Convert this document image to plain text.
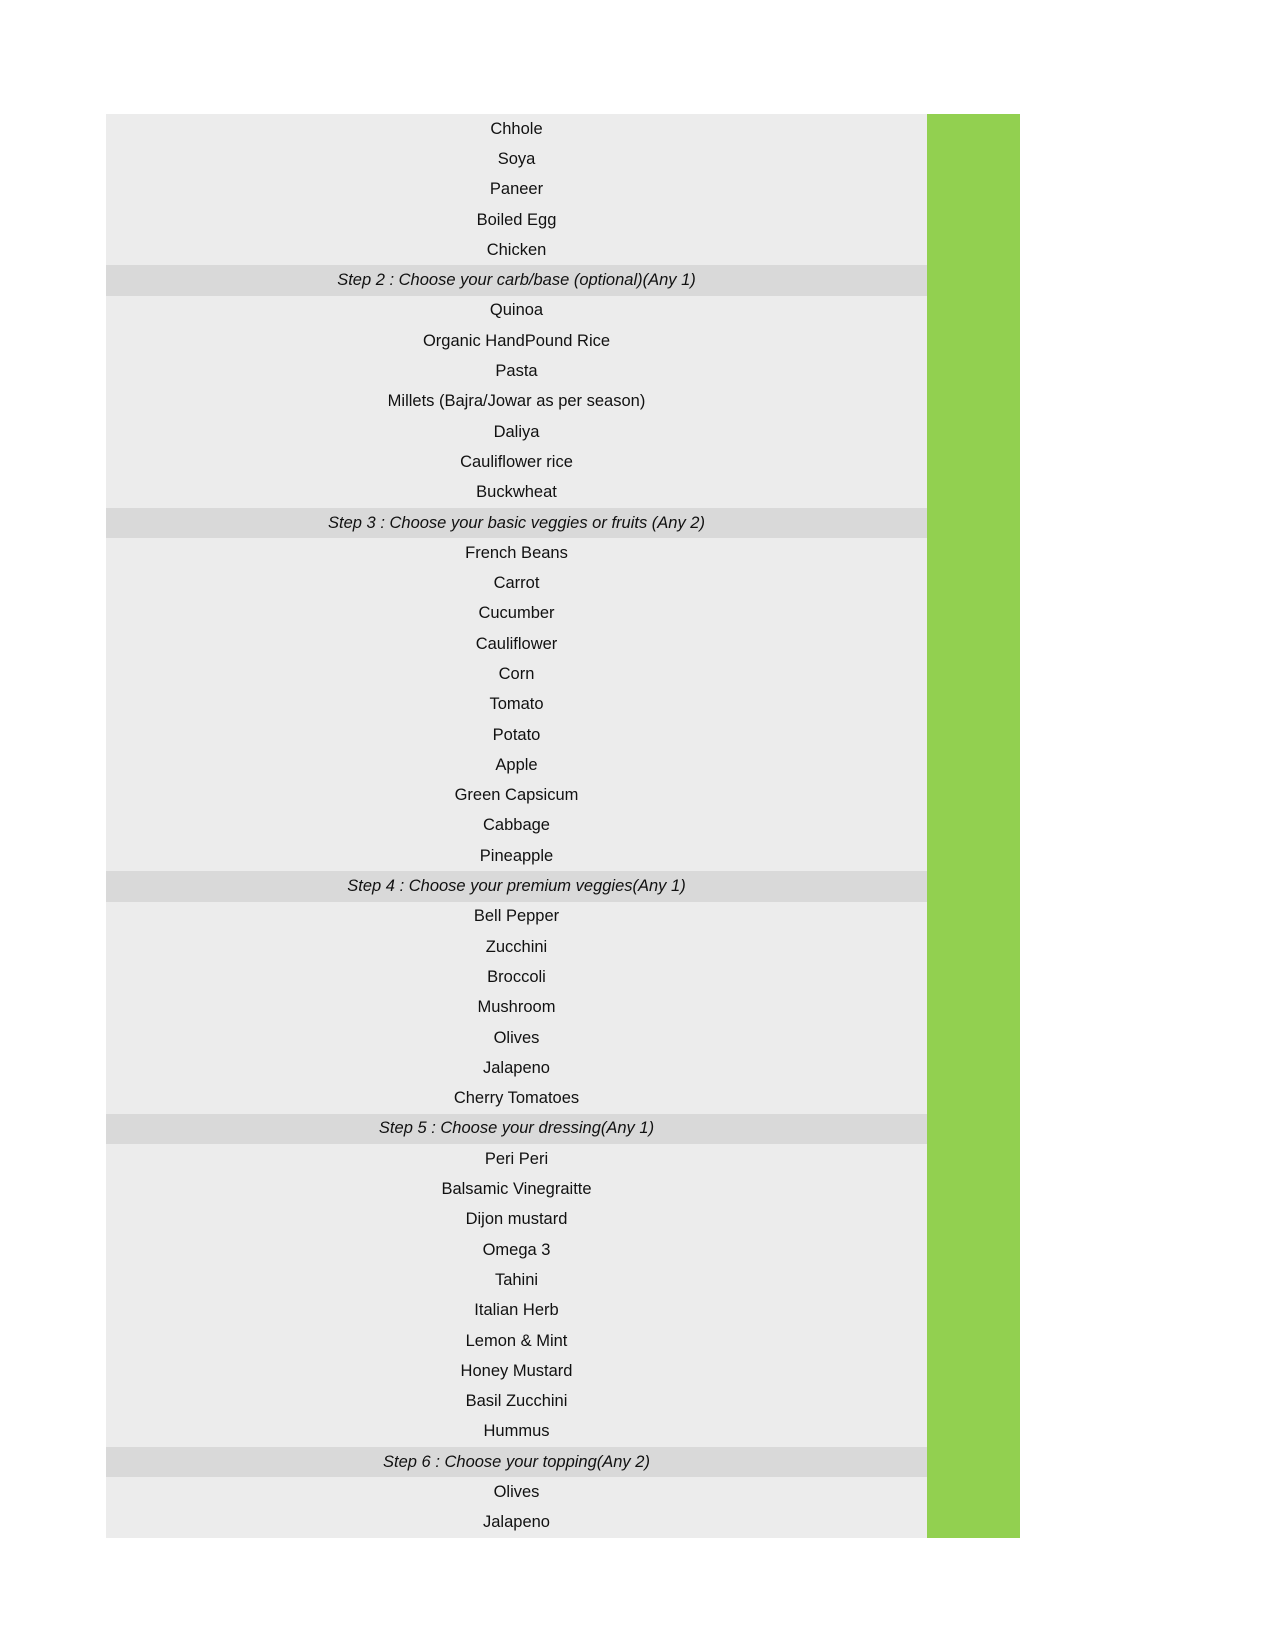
Chhole
Soya
Paneer
Boiled Egg
Chicken
Step 2 : Choose your carb/base (optional)(Any 1)
Quinoa
Organic HandPound Rice
Pasta
Millets (Bajra/Jowar as per season)
Daliya
Cauliflower rice
Buckwheat
Step 3 : Choose your basic veggies or fruits (Any 2)
French Beans
Carrot
Cucumber
Cauliflower
Corn
Tomato
Potato
Apple
Green Capsicum
Cabbage
Pineapple
Step 4 : Choose your premium veggies(Any 1)
Bell Pepper
Zucchini
Broccoli
Mushroom
Olives
Jalapeno
Cherry Tomatoes
Step 5 : Choose your dressing(Any 1)
Peri Peri
Balsamic Vinegraitte
Dijon mustard
Omega 3
Tahini
Italian Herb
Lemon & Mint
Honey Mustard
Basil Zucchini
Hummus
Step 6 : Choose your topping(Any 2)
Olives
Jalapeno
